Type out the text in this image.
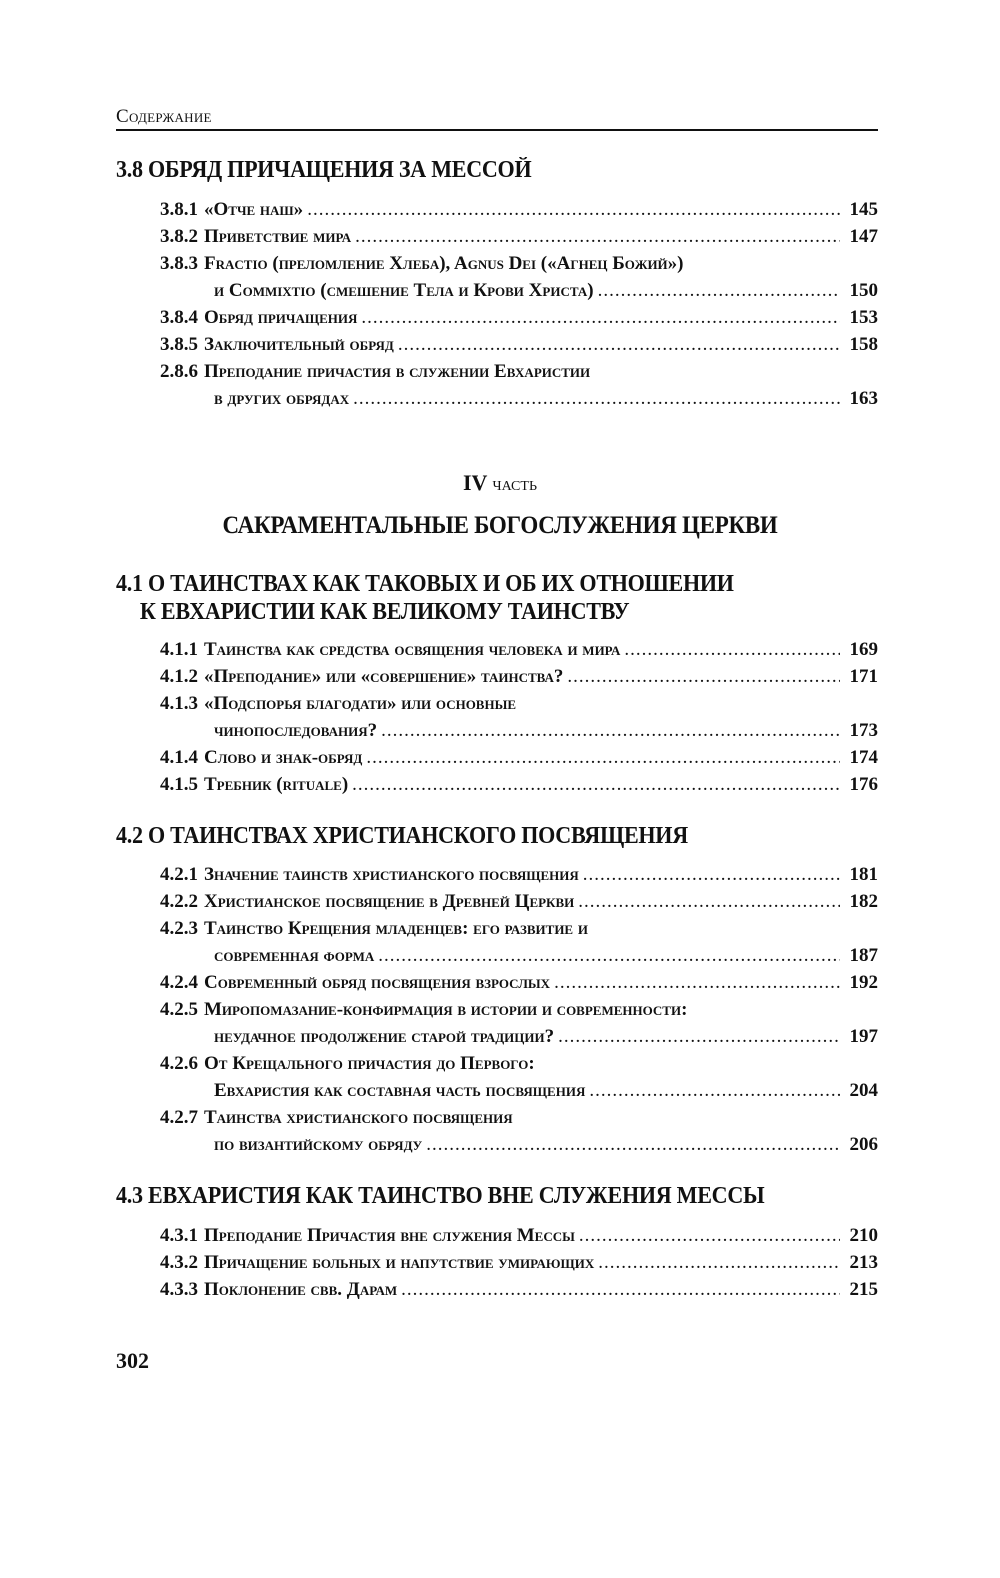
Содержание
3.8 ОБРЯД ПРИЧАЩЕНИЯ ЗА МЕССОЙ
3.8.1 «Отче наш» .....	145
3.8.2 Приветствие мира .....	147
3.8.3 Fractio (преломление Хлеба), Agnus Dei («Агнец Божий»)
и Commixtio (смешение Тела и Крови Христа) .....	150
3.8.4 Обряд причащения .....	153
3.8.5 Заключительный обряд .....	158
2.8.6 Преподание причастия в служении Евхаристии
в других обрядах .....	163
IV часть
САКРАМЕНТАЛЬНЫЕ БОГОСЛУЖЕНИЯ ЦЕРКВИ
4.1 О ТАИНСТВАХ КАК ТАКОВЫХ И ОБ ИХ ОТНОШЕНИИ
К ЕВХАРИСТИИ КАК ВЕЛИКОМУ ТАИНСТВУ
4.1.1 Таинства как средства освящения человека и мира .....	169
4.1.2 «Преподание» или «совершение» таинства? .....	171
4.1.3 «Подспорья благодати» или основные
чинопоследования? .....	173
4.1.4 Слово и знак-обряд .....	174
4.1.5 Требник (rituale) .....	176
4.2 О ТАИНСТВАХ ХРИСТИАНСКОГО ПОСВЯЩЕНИЯ
4.2.1 Значение таинств христианского посвящения .....	181
4.2.2 Христианское посвящение в Древней Церкви .....	182
4.2.3 Таинство Крещения младенцев: его развитие и
современная форма .....	187
4.2.4 Современный обряд посвящения взрослых .....	192
4.2.5 Миропомазание-конфирмация в истории и современности:
неудачное продолжение старой традиции? .....	197
4.2.6 От Крещального причастия до Первого:
Евхаристия как составная часть посвящения .....	204
4.2.7 Таинства христианского посвящения
по византийскому обряду .....	206
4.3 ЕВХАРИСТИЯ КАК ТАИНСТВО ВНЕ СЛУЖЕНИЯ МЕССЫ
4.3.1 Преподание Причастия вне служения Мессы .....	210
4.3.2 Причащение больных и напутствие умирающих .....	213
4.3.3 Поклонение свв. Дарам .....	215
302
